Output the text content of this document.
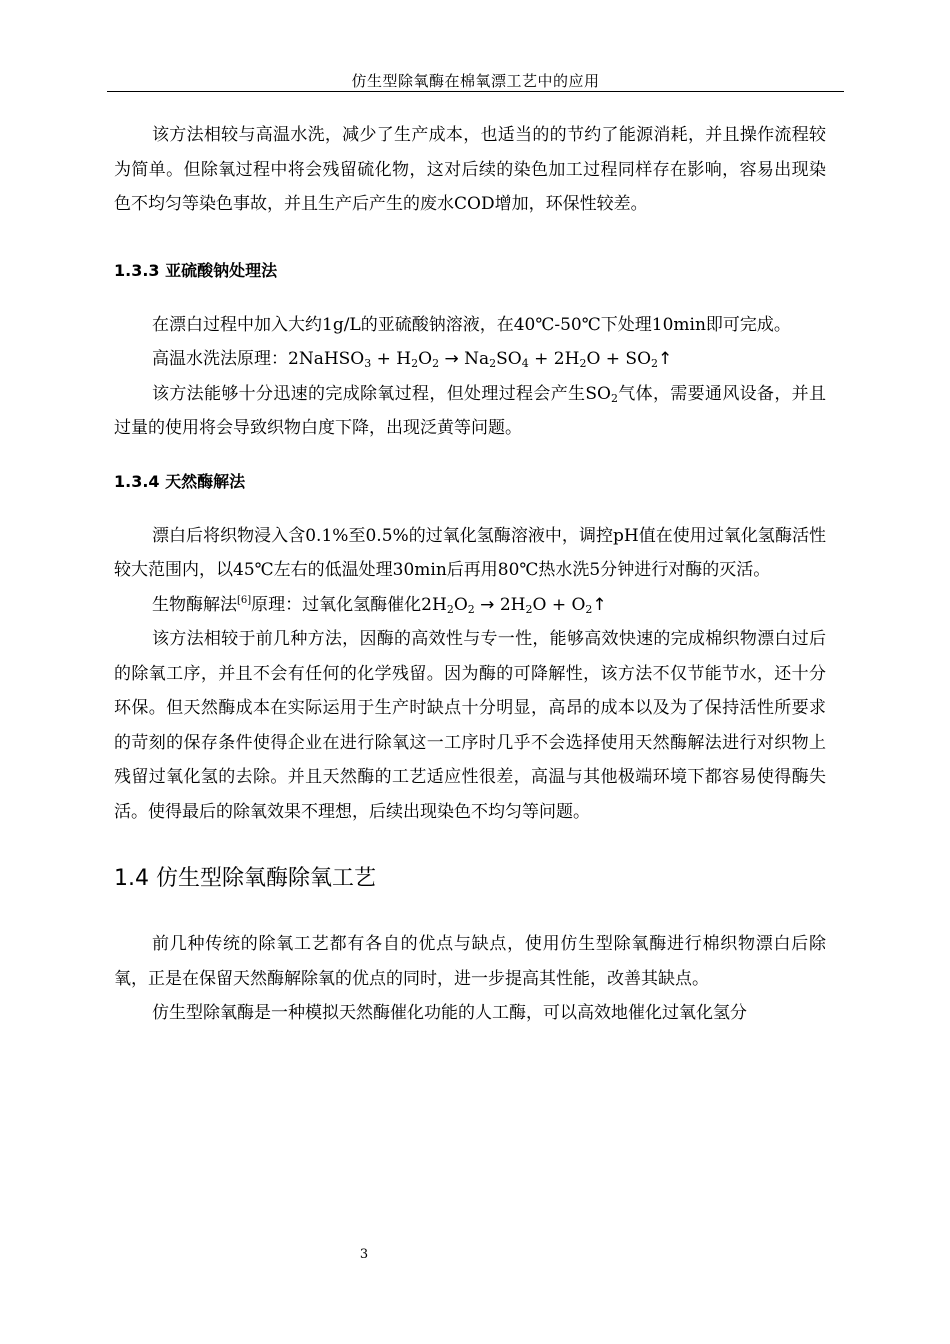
仿生型除氧酶在棉氧漂工艺中的应用

该方法相较与高温水洗，减少了生产成本，也适当的的节约了能源消耗，并且操作流程较为简单。但除氧过程中将会残留硫化物，这对后续的染色加工过程同样存在影响，容易出现染色不均匀等染色事故，并且生产后产生的废水COD增加，环保性较差。

1.3.3 亚硫酸钠处理法

在漂白过程中加入大约1g/L的亚硫酸钠溶液，在40℃-50℃下处理10min即可完成。

高温水洗法原理：2NaHSO$_3$ + $H_2O_2 \to Na_2SO_4 + 2H_2O$ + $SO_2↑$

该方法能够十分迅速的完成除氧过程，但处理过程会产生$SO_2$气体，需要通风设备，并且过量的使用将会导致织物白度下降，出现泛黄等问题。

1.3.4 天然酶解法

漂白后将织物浸入含0.1%至0.5%的过氧化氢酶溶液中，调控pH值在使用过氧化氢酶活性较大范围内，以45℃左右的低温处理30min后再用80℃热水洗5分钟进行对酶的灭活。

生物酶解法[6]原理：过氧化氢酶催化$2H_2O_2 \to 2H_2O$ + $O_2↑$

该方法相较于前几种方法，因酶的高效性与专一性，能够高效快速的完成棉织物漂白过后的除氧工序，并且不会有任何的化学残留。因为酶的可降解性，该方法不仅节能节水，还十分环保。但天然酶成本在实际运用于生产时缺点十分明显，高昂的成本以及为了保持活性所要求的苛刻的保存条件使得企业在进行除氧这一工序时几乎不会选择使用天然酶解法进行对织物上残留过氧化氢的去除。并且天然酶的工艺适应性很差，高温与其他极端环境下都容易使得酶失活。使得最后的除氧效果不理想，后续出现染色不均匀等问题。

1.4 仿生型除氧酶除氧工艺

前几种传统的除氧工艺都有各自的优点与缺点，使用仿生型除氧酶进行棉织物漂白后除氧，正是在保留天然酶解除氧的优点的同时，进一步提高其性能，改善其缺点。

仿生型除氧酶是一种模拟天然酶催化功能的人工酶，可以高效地催化过氧化氢分

3
